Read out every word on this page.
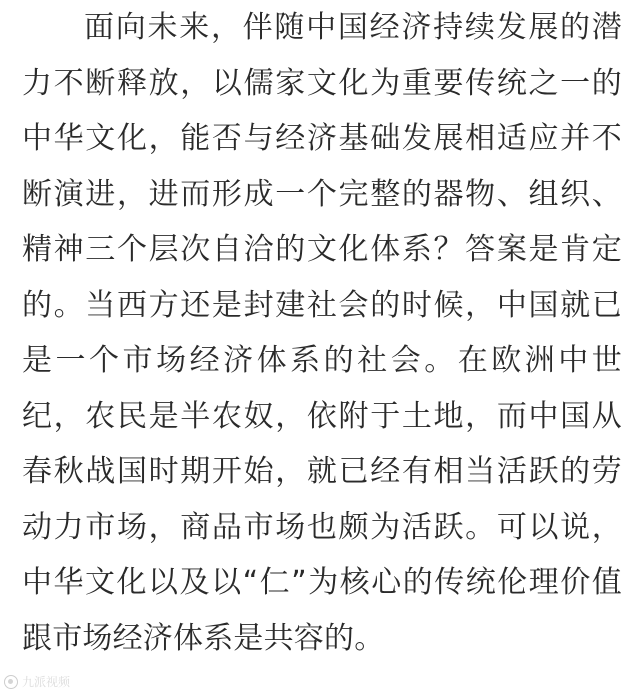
面向未来，伴随中国经济持续发展的潜
力不断释放，以儒家文化为重要传统之一的
中华文化，能否与经济基础发展相适应并不
断演进，进而形成一个完整的器物、组织、
精神三个层次自洽的文化体系？答案是肯定
的。当西方还是封建社会的时候，中国就已
是一个市场经济体系的社会。在欧洲中世
纪，农民是半农奴，依附于土地，而中国从
春秋战国时期开始，就已经有相当活跃的劳
动力市场，商品市场也颇为活跃。可以说，
中华文化以及以“仁”为核心的传统伦理价值
跟市场经济体系是共容的。
九派视频
